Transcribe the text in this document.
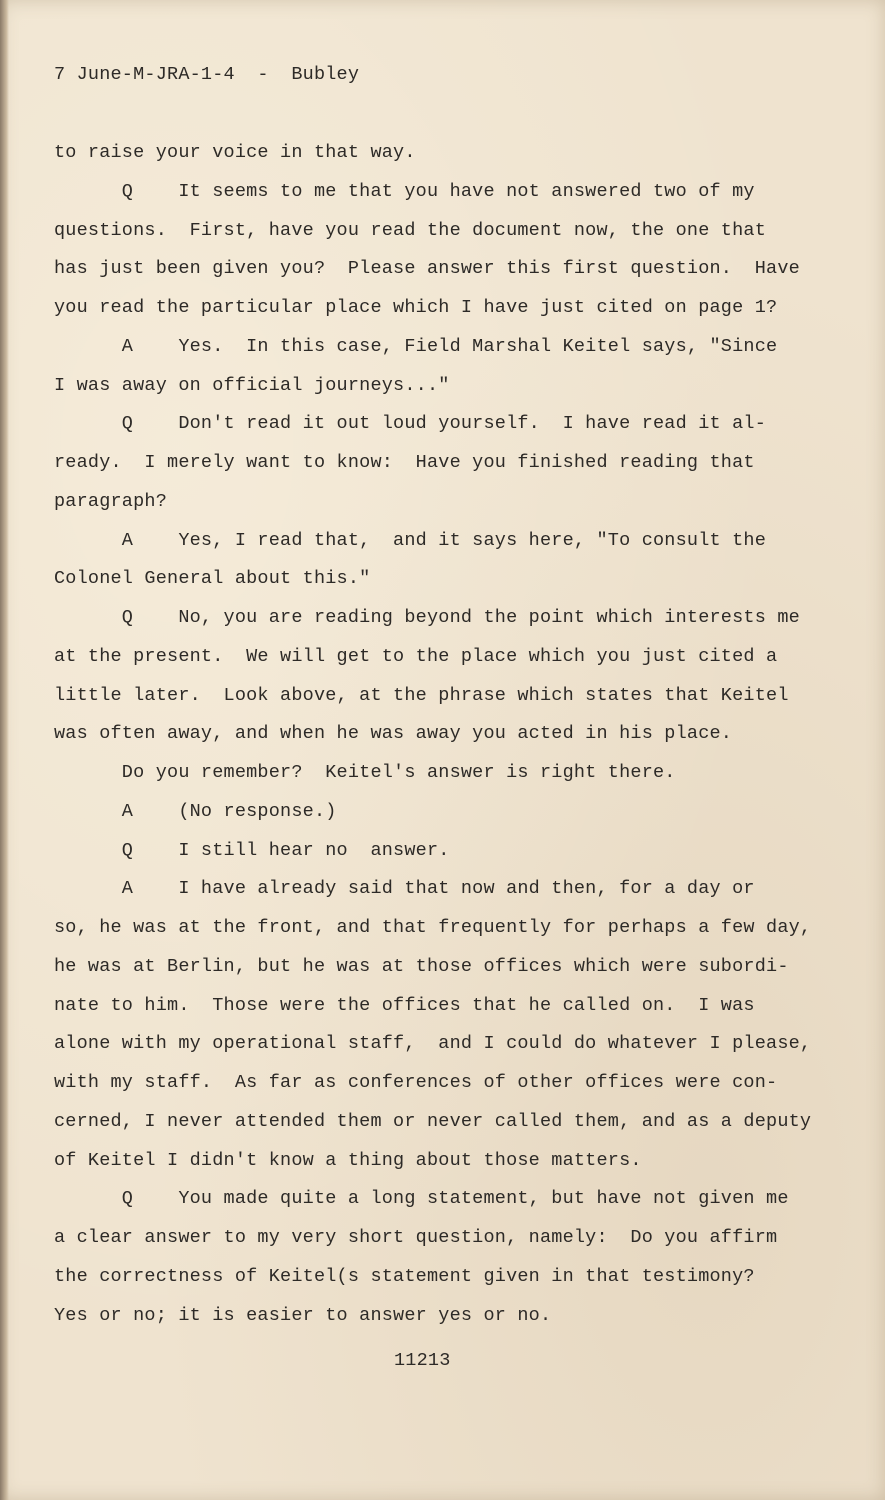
7 June-M-JRA-1-4  -  Bubley
to raise your voice in that way.
Q    It seems to me that you have not answered two of my
questions.  First, have you read the document now, the one that
has just been given you?  Please answer this first question.  Have
you read the particular place which I have just cited on page 1?
A    Yes.  In this case, Field Marshal Keitel says, "Since
I was away on official journeys..."
Q    Don't read it out loud yourself.  I have read it al-
ready.  I merely want to know:  Have you finished reading that
paragraph?
A    Yes, I read that,  and it says here, "To consult the
Colonel General about this."
Q    No, you are reading beyond the point which interests me
at the present.  We will get to the place which you just cited a
little later.  Look above, at the phrase which states that Keitel
was often away, and when he was away you acted in his place.
Do you remember?  Keitel's answer is right there.
A    (No response.)
Q    I still hear no  answer.
A    I have already said that now and then, for a day or
so, he was at the front, and that frequently for perhaps a few day,
he was at Berlin, but he was at those offices which were subordi-
nate to him.  Those were the offices that he called on.  I was
alone with my operational staff,  and I could do whatever I please,
with my staff.  As far as conferences of other offices were con-
cerned, I never attended them or never called them, and as a deputy
of Keitel I didn't know a thing about those matters.
Q    You made quite a long statement, but have not given me
a clear answer to my very short question, namely:  Do you affirm
the correctness of Keitel(s statement given in that testimony?
Yes or no; it is easier to answer yes or no.
11213
